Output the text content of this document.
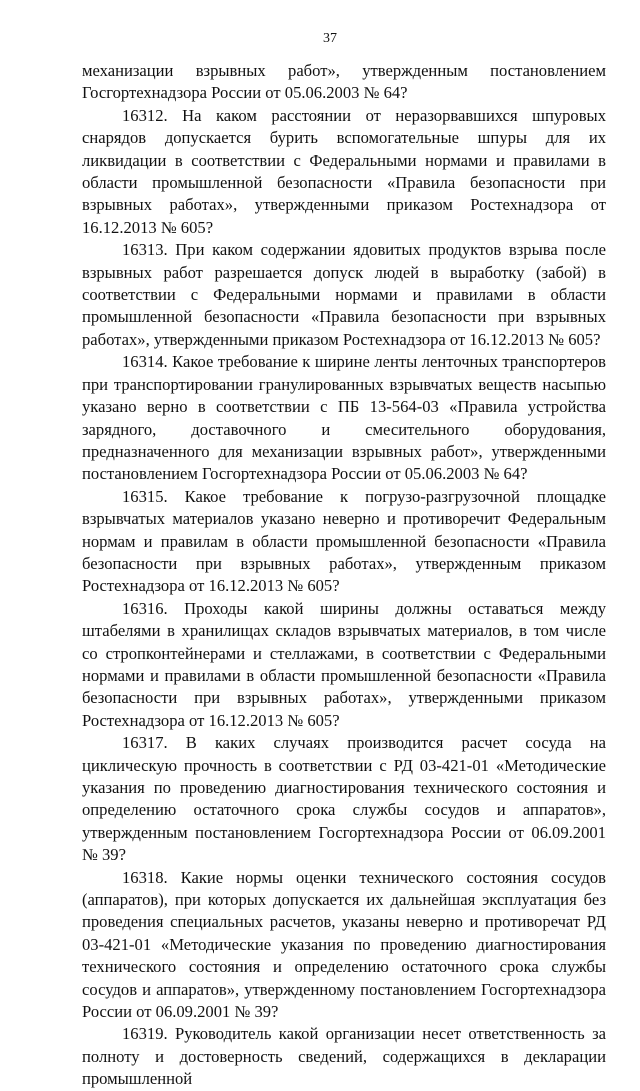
37

механизации взрывных работ», утвержденным постановлением Госгортехнадзора России от 05.06.2003 № 64?

16312. На каком расстоянии от неразорвавшихся шпуровых снарядов допускается бурить вспомогательные шпуры для их ликвидации в соответствии с Федеральными нормами и правилами в области промышленной безопасности «Правила безопасности при взрывных работах», утвержденными приказом Ростехнадзора от 16.12.2013 № 605?

16313. При каком содержании ядовитых продуктов взрыва после взрывных работ разрешается допуск людей в выработку (забой) в соответствии с Федеральными нормами и правилами в области промышленной безопасности «Правила безопасности при взрывных работах», утвержденными приказом Ростехнадзора от 16.12.2013 № 605?

16314. Какое требование к ширине ленты ленточных транспортеров при транспортировании гранулированных взрывчатых веществ насыпью указано верно в соответствии с ПБ 13-564-03 «Правила устройства зарядного, доставочного и смесительного оборудования, предназначенного для механизации взрывных работ», утвержденными постановлением Госгортехнадзора России от 05.06.2003 № 64?

16315. Какое требование к погрузо-разгрузочной площадке взрывчатых материалов указано неверно и противоречит Федеральным нормам и правилам в области промышленной безопасности «Правила безопасности при взрывных работах», утвержденным приказом Ростехнадзора от 16.12.2013 № 605?

16316. Проходы какой ширины должны оставаться между штабелями в хранилищах складов взрывчатых материалов, в том числе со стропконтейнерами и стеллажами, в соответствии с Федеральными нормами и правилами в области промышленной безопасности «Правила безопасности при взрывных работах», утвержденными приказом Ростехнадзора от 16.12.2013 № 605?

16317. В каких случаях производится расчет сосуда на циклическую прочность в соответствии с РД 03-421-01 «Методические указания по проведению диагностирования технического состояния и определению остаточного срока службы сосудов и аппаратов», утвержденным постановлением Госгортехнадзора России от 06.09.2001 № 39?

16318. Какие нормы оценки технического состояния сосудов (аппаратов), при которых допускается их дальнейшая эксплуатация без проведения специальных расчетов, указаны неверно и противоречат РД 03-421-01 «Методические указания по проведению диагностирования технического состояния и определению остаточного срока службы сосудов и аппаратов», утвержденному постановлением Госгортехнадзора России от 06.09.2001 № 39?

16319. Руководитель какой организации несет ответственность за полноту и достоверность сведений, содержащихся в декларации промышленной
